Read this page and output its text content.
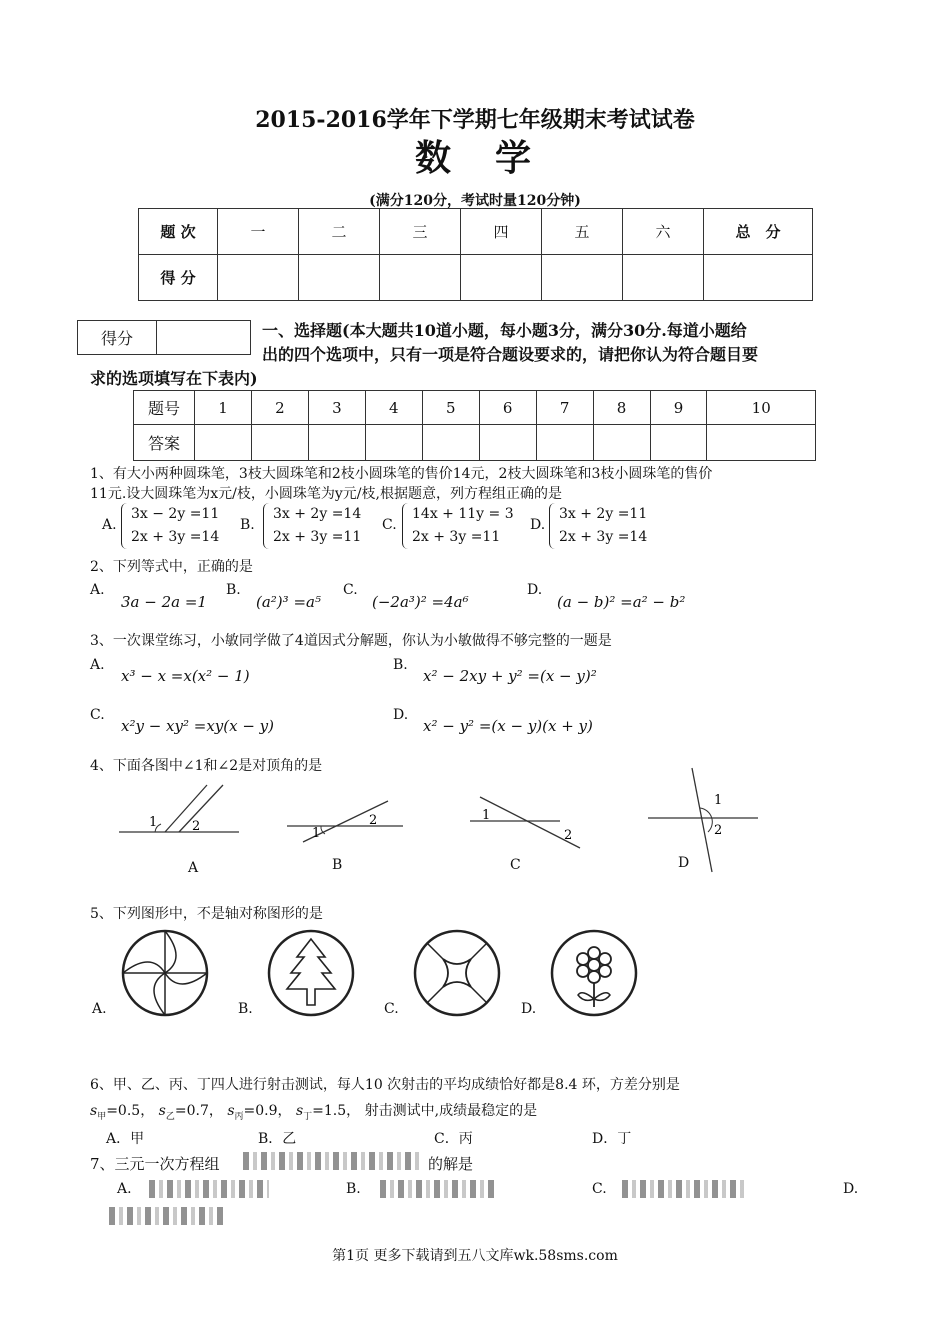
2015-2016学年下学期七年级期末考试试卷
数　学
(满分120分，考试时量120分钟)
题 次	一	二	三	四	五	六	总　分
得 分							
得分		一、选择题(本大题共10道小题，每小题3分，满分30分.每道小题给
出的四个选项中，只有一项是符合题设要求的，请把你认为符合题目要
求的选项填写在下表内)
题号	1	2	3	4	5	6	7	8	9	10
答案										
1、有大小两种圆珠笔，3枝大圆珠笔和2枝小圆珠笔的售价14元，2枝大圆珠笔和3枝小圆珠笔的售价
11元.设大圆珠笔为x元/枝，小圆珠笔为y元/枝,根据题意，列方程组正确的是
A.
3x − 2y =11
2x + 3y =14
B.
3x + 2y =14
2x + 3y =11
C.
14x + 11y = 3
2x + 3y =11
D.
3x + 2y =11
2x + 3y =14
2、下列等式中，正确的是
A.
3a − 2a =1
B.
(a²)³ =a⁵
C.
(−2a³)² =4a⁶
D.
(a − b)² =a² − b²
3、一次课堂练习，小敏同学做了4道因式分解题，你认为小敏做得不够完整的一题是
A.
x³ − x =x(x² − 1)
B.
x² − 2xy + y² =(x − y)²
C.
x²y − xy² =xy(x − y)
D.
x² − y² =(x − y)(x + y)
4、下面各图中∠1和∠2是对顶角的是
1	2
A
1
2
B
1
2
C
1
2
D
5、下列图形中，不是轴对称图形的是
A.	B.	C.	D.
6、甲、乙、丙、丁四人进行射击测试，每人10 次射击的平均成绩恰好都是8.4 环，方差分别是
$s_甲=0.5$， $s_乙=0.7$， $s_丙=0.9$， $s_丁=1.5$， 射击测试中,成绩最稳定的是
A．甲	B．乙	C．丙	D．丁
7、三元一次方程组	的解是
A.	B.	C.	D.
第1页 更多下载请到五八文库wk.58sms.com
